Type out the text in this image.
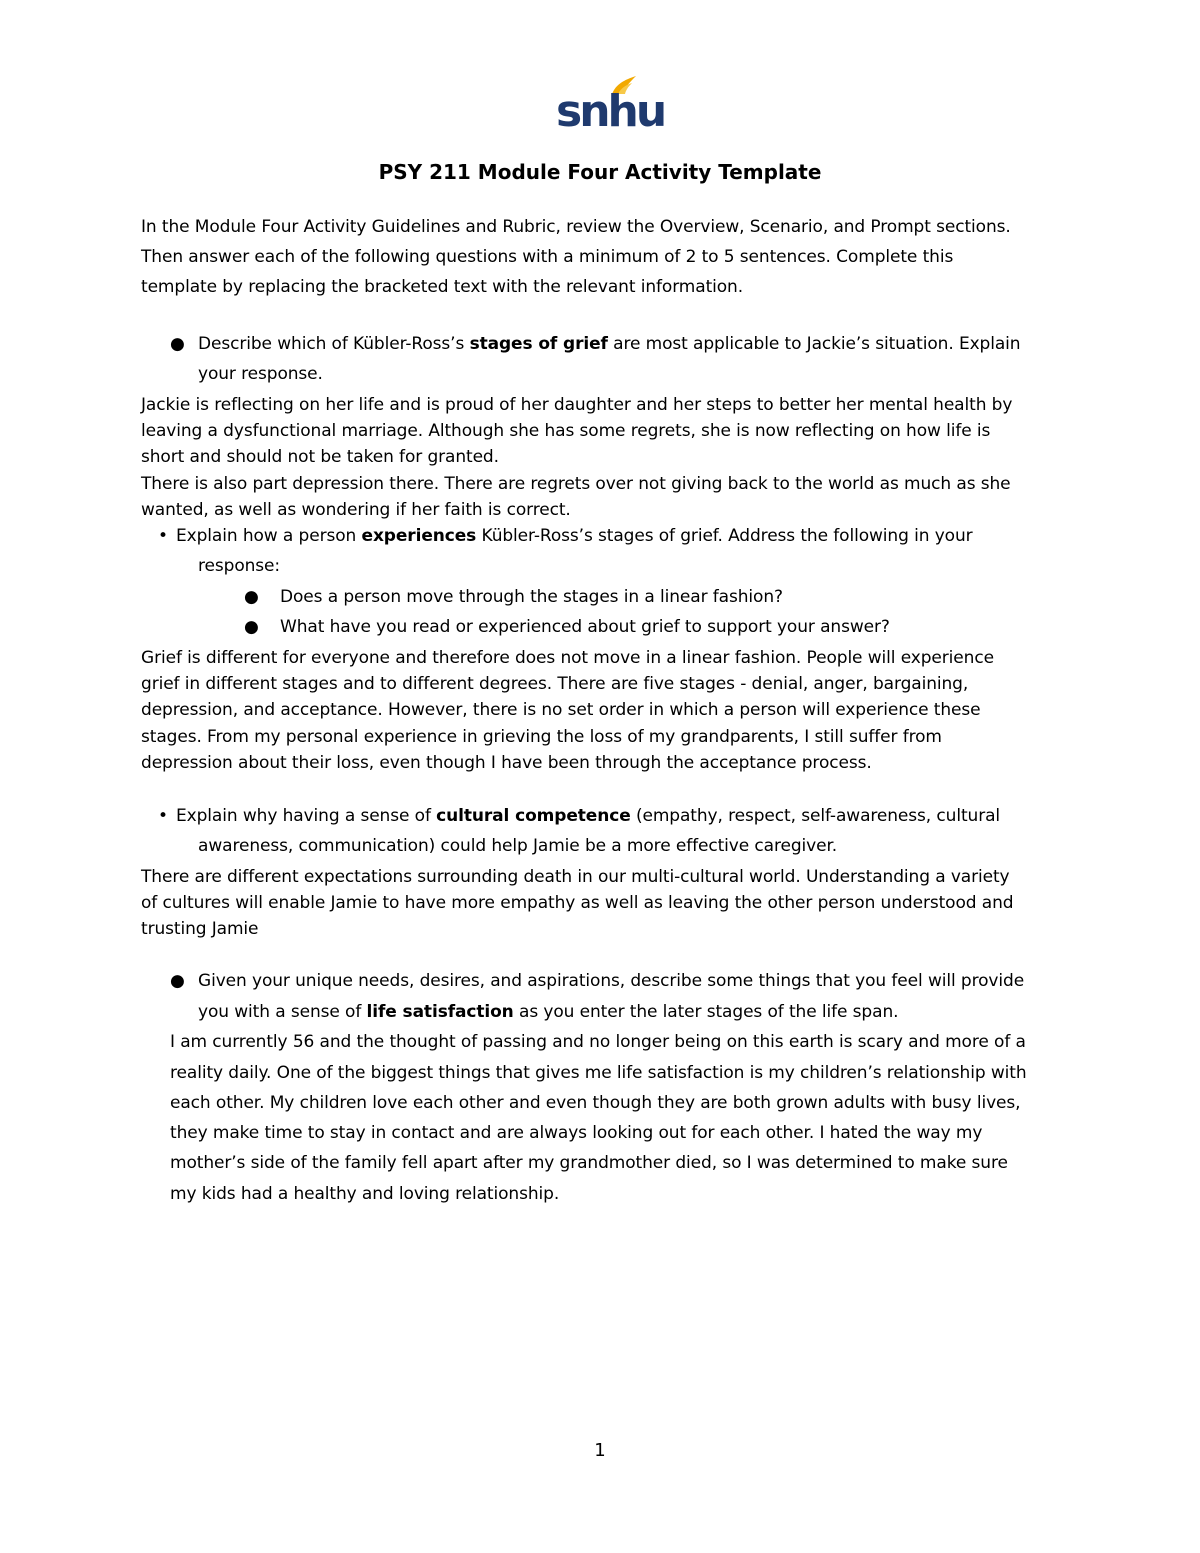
snhu
PSY 211 Module Four Activity Template
In the Module Four Activity Guidelines and Rubric, review the Overview, Scenario, and Prompt sections.
Then answer each of the following questions with a minimum of 2 to 5 sentences. Complete this
template by replacing the bracketed text with the relevant information.
● Describe which of Kübler-Ross’s stages of grief are most applicable to Jackie’s situation. Explain
your response.
Jackie is reflecting on her life and is proud of her daughter and her steps to better her mental health by
leaving a dysfunctional marriage. Although she has some regrets, she is now reflecting on how life is
short and should not be taken for granted.
There is also part depression there. There are regrets over not giving back to the world as much as she
wanted, as well as wondering if her faith is correct.
• Explain how a person experiences Kübler-Ross’s stages of grief. Address the following in your
response:
● Does a person move through the stages in a linear fashion?
● What have you read or experienced about grief to support your answer?
Grief is different for everyone and therefore does not move in a linear fashion. People will experience
grief in different stages and to different degrees. There are five stages - denial, anger, bargaining,
depression, and acceptance. However, there is no set order in which a person will experience these
stages. From my personal experience in grieving the loss of my grandparents, I still suffer from
depression about their loss, even though I have been through the acceptance process.
• Explain why having a sense of cultural competence (empathy, respect, self-awareness, cultural
awareness, communication) could help Jamie be a more effective caregiver.
There are different expectations surrounding death in our multi-cultural world. Understanding a variety
of cultures will enable Jamie to have more empathy as well as leaving the other person understood and
trusting Jamie
● Given your unique needs, desires, and aspirations, describe some things that you feel will provide
you with a sense of life satisfaction as you enter the later stages of the life span.
I am currently 56 and the thought of passing and no longer being on this earth is scary and more of a
reality daily. One of the biggest things that gives me life satisfaction is my children’s relationship with
each other. My children love each other and even though they are both grown adults with busy lives,
they make time to stay in contact and are always looking out for each other. I hated the way my
mother’s side of the family fell apart after my grandmother died, so I was determined to make sure
my kids had a healthy and loving relationship.
1
